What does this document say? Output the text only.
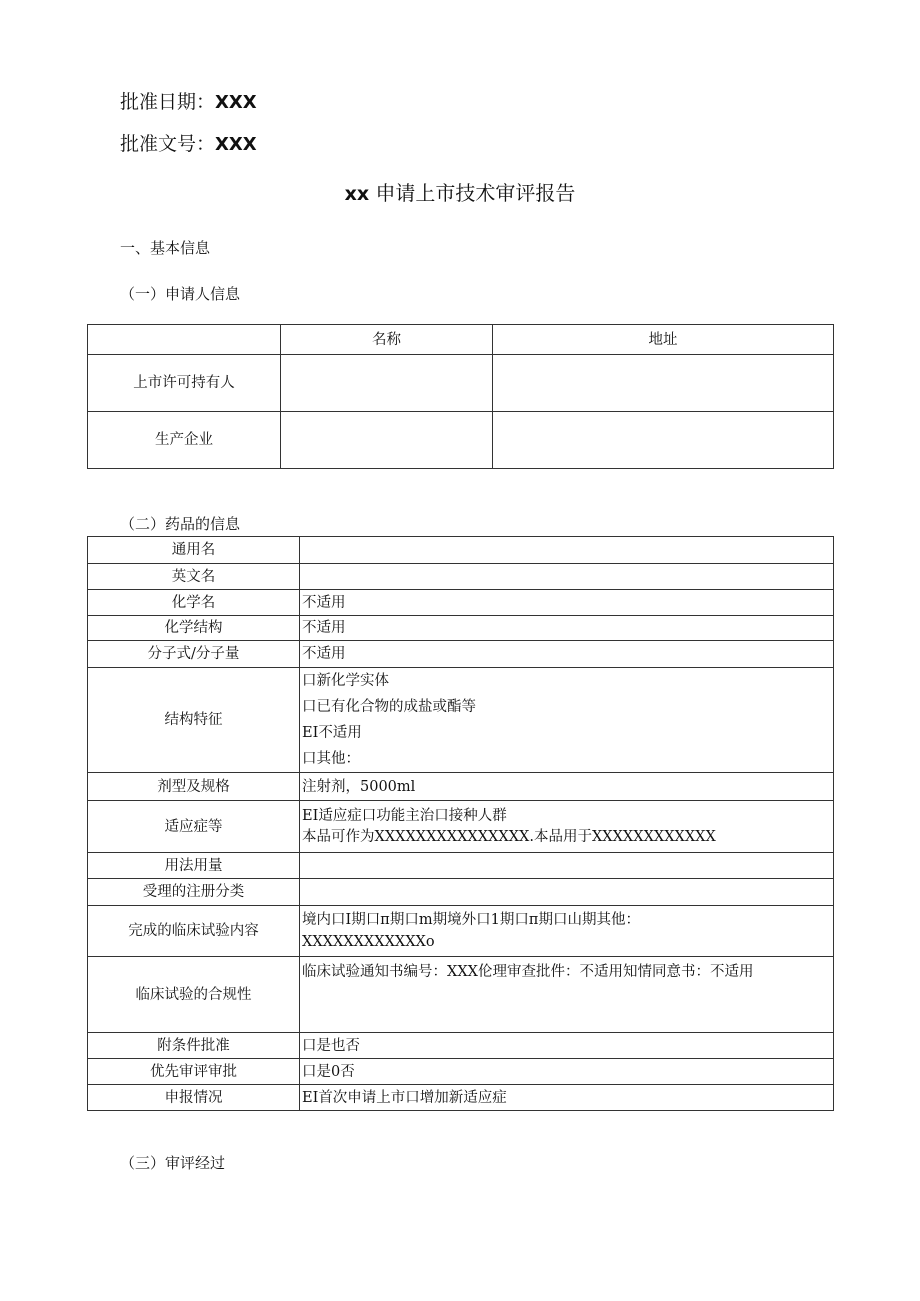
批准日期：XXX
批准文号：XXX
xx 申请上市技术审评报告
一、基本信息
（一）申请人信息
	名称	地址
上市许可持有人		
生产企业		
（二）药品的信息
通用名	
英文名	
化学名	不适用
化学结构	不适用
分子式/分子量	不适用
结构特征	口新化学实体
口已有化合物的成盐或酯等
EI不适用
口其他：

剂型及规格	注射剂，5000ml
适应症等	EI适应症口功能主治口接种人群
本品可作为XXXXXXXXXXXXXXX.本品用于XXXXXXXXXXXX

用法用量	
受理的注册分类	
完成的临床试验内容	境内口I期口п期口m期境外口1期口п期口山期其他：
XXXXXXXXXXXXo

临床试验的合规性	临床试验通知书编号：XXX伦理审查批件：不适用知情同意书：不适用
附条件批准	口是也否
优先审评审批	口是0否
申报情况	EI首次申请上市口增加新适应症
（三）审评经过
